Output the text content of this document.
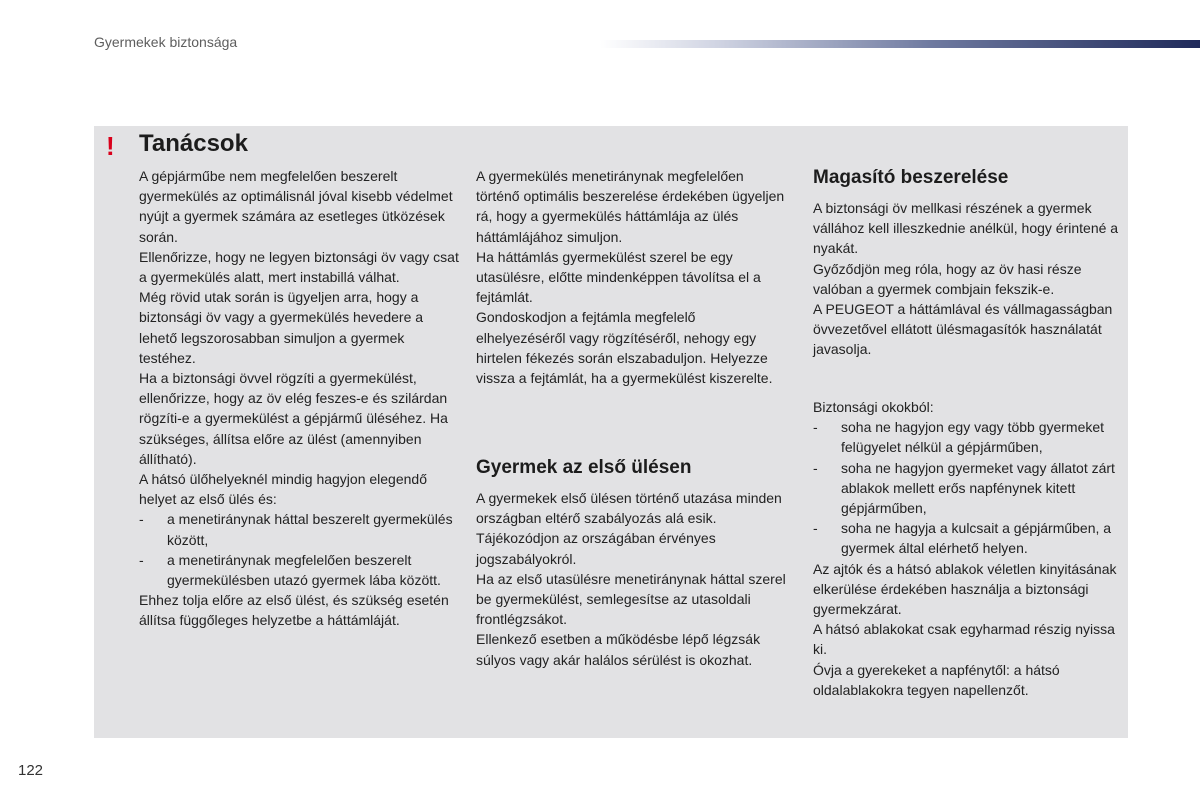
Gyermekek biztonsága
! Tanácsok

A gépjárműbe nem megfelelően beszerelt gyermekülés az optimálisnál jóval kisebb védelmet nyújt a gyermek számára az esetleges ütközések során.

Ellenőrizze, hogy ne legyen biztonsági öv vagy csat a gyermekülés alatt, mert instabillá válhat.

Még rövid utak során is ügyeljen arra, hogy a biztonsági öv vagy a gyermekülés hevedere a lehető legszorosabban simuljon a gyermek testéhez.

Ha a biztonsági övvel rögzíti a gyermekülést, ellenőrizze, hogy az öv elég feszes-e és szilárdan rögzíti-e a gyermekülést a gépjármű üléséhez. Ha szükséges, állítsa előre az ülést (amennyiben állítható).

A hátsó ülőhelyeknél mindig hagyjon elegendő helyet az első ülés és:

- a menetiránynak háttal beszerelt gyermekülés között,

- a menetiránynak megfelelően beszerelt gyermekülésben utazó gyermek lába között.

Ehhez tolja előre az első ülést, és szükség esetén állítsa függőleges helyzetbe a háttámláját.

A gyermekülés menetiránynak megfelelően történő optimális beszerelése érdekében ügyeljen rá, hogy a gyermekülés háttámlája az ülés háttámlájához simuljon.

Ha háttámlás gyermekülést szerel be egy utasülésre, előtte mindenképpen távolítsa el a fejtámlát.

Gondoskodjon a fejtámla megfelelő elhelyezéséről vagy rögzítéséről, nehogy egy hirtelen fékezés során elszabaduljon. Helyezze vissza a fejtámlát, ha a gyermekülést kiszerelte.

Gyermek az első ülésen

A gyermekek első ülésen történő utazása minden országban eltérő szabályozás alá esik. Tájékozódjon az országában érvényes jogszabályokról.

Ha az első utasülésre menetiránynak háttal szerel be gyermekülést, semlegesítse az utasoldali frontlégzsákot.

Ellenkező esetben a működésbe lépő légzsák súlyos vagy akár halálos sérülést is okozhat.

Magasító beszerelése

A biztonsági öv mellkasi részének a gyermek vállához kell illeszkednie anélkül, hogy érintené a nyakát.

Győződjön meg róla, hogy az öv hasi része valóban a gyermek combjain fekszik-e.

A PEUGEOT a háttámlával és vállmagasságban övvezetővel ellátott ülésmagasítók használatát javasolja.

Biztonsági okokból:

- soha ne hagyjon egy vagy több gyermeket felügyelet nélkül a gépjárműben,

- soha ne hagyjon gyermeket vagy állatot zárt ablakok mellett erős napfénynek kitett gépjárműben,

- soha ne hagyja a kulcsait a gépjárműben, a gyermek által elérhető helyen.

Az ajtók és a hátsó ablakok véletlen kinyitásának elkerülése érdekében használja a biztonsági gyermekzárat.

A hátsó ablakokat csak egyharmad részig nyissa ki.

Óvja a gyerekeket a napfénytől: a hátsó oldalablakokra tegyen napellenzőt.

122
